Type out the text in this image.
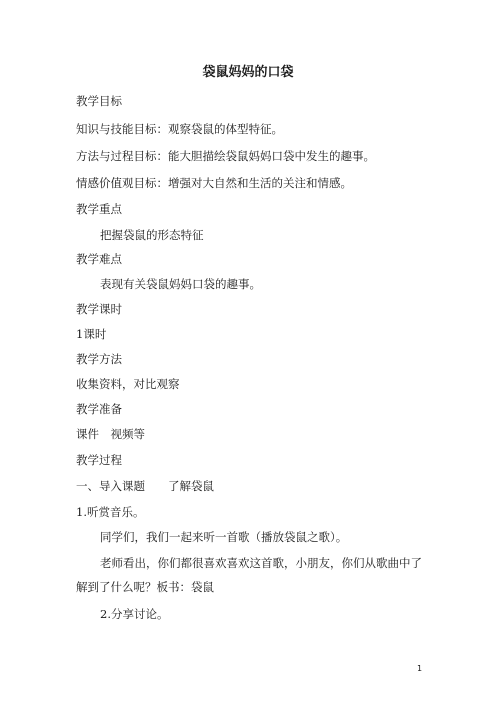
袋鼠妈妈的口袋
教学目标
知识与技能目标：观察袋鼠的体型特征。
方法与过程目标：能大胆描绘袋鼠妈妈口袋中发生的趣事。
情感价值观目标：增强对大自然和生活的关注和情感。
教学重点
把握袋鼠的形态特征
教学难点
表现有关袋鼠妈妈口袋的趣事。
教学课时
1课时
教学方法
收集资料，对比观察
教学准备
课件　视频等
教学过程
一、导入课题　　了解袋鼠
1.听赏音乐。
同学们，我们一起来听一首歌（播放袋鼠之歌）。
老师看出，你们都很喜欢喜欢这首歌，小朋友，你们从歌曲中了解到了什么呢？板书：袋鼠
2.分享讨论。
1
